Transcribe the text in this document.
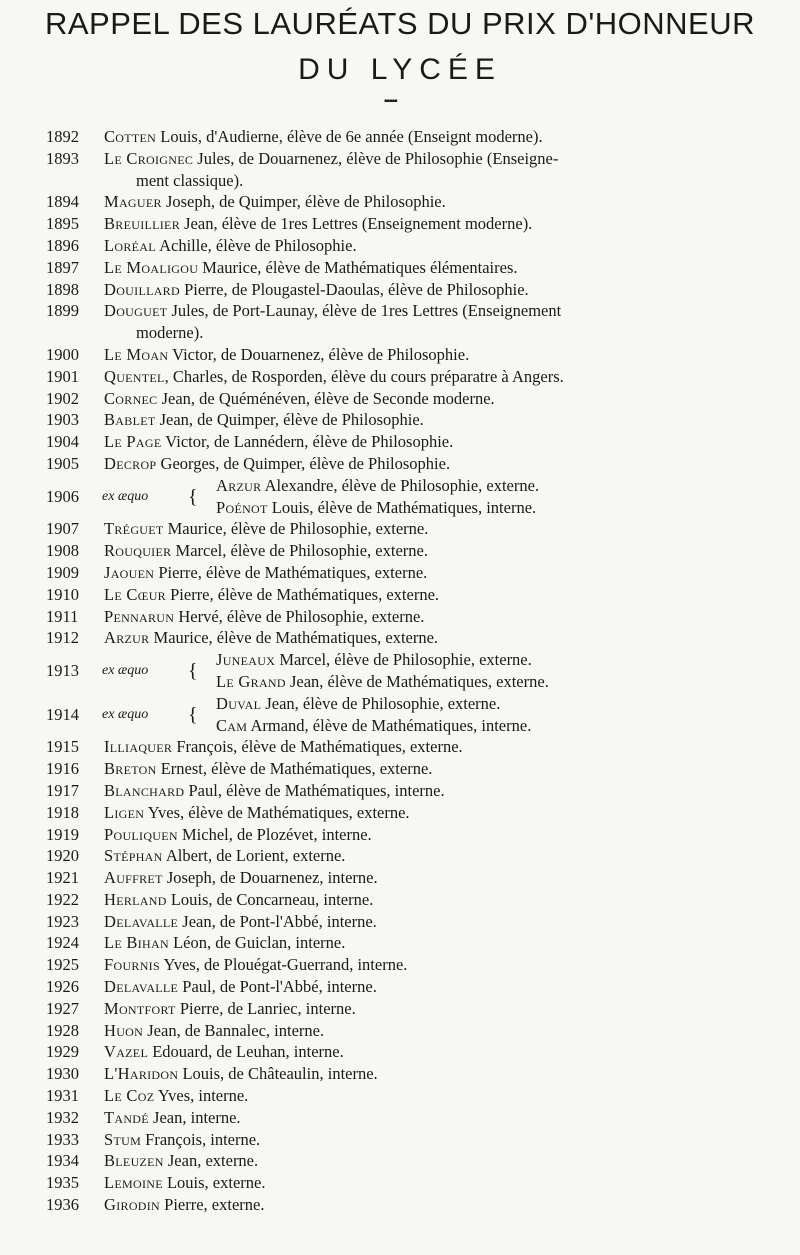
RAPPEL DES LAURÉATS DU PRIX D'HONNEUR
DU LYCÉE
▪▪▪▪▪
1892	Cotten Louis, d'Audierne, élève de 6e année (Enseignt moderne).
1893	Le Croignec Jules, de Douarnenez, élève de Philosophie (Enseigne-
ment classique).
1894	Maguer Joseph, de Quimper, élève de Philosophie.
1895	Breuillier Jean, élève de 1res Lettres (Enseignement moderne).
1896	Loréal Achille, élève de Philosophie.
1897	Le Moaligou Maurice, élève de Mathématiques élémentaires.
1898	Douillard Pierre, de Plougastel-Daoulas, élève de Philosophie.
1899	Douguet Jules, de Port-Launay, élève de 1res Lettres (Enseignement
moderne).
1900	Le Moan Victor, de Douarnenez, élève de Philosophie.
1901	Quentel, Charles, de Rosporden, élève du cours préparatre à Angers.
1902	Cornec Jean, de Quéménéven, élève de Seconde moderne.
1903	Bablet Jean, de Quimper, élève de Philosophie.
1904	Le Page Victor, de Lannédern, élève de Philosophie.
1905	Decrop Georges, de Quimper, élève de Philosophie.
1906	ex æquo {
Arzur Alexandre, élève de Philosophie, externe.
Poénot Louis, élève de Mathématiques, interne.
1907	Tréguet Maurice, élève de Philosophie, externe.
1908	Rouquier Marcel, élève de Philosophie, externe.
1909	Jaouen Pierre, élève de Mathématiques, externe.
1910	Le Cœur Pierre, élève de Mathématiques, externe.
1911	Pennarun Hervé, élève de Philosophie, externe.
1912	Arzur Maurice, élève de Mathématiques, externe.
1913	ex æquo {
Juneaux Marcel, élève de Philosophie, externe.
Le Grand Jean, élève de Mathématiques, externe.
1914	ex æquo {
Duval Jean, élève de Philosophie, externe.
Cam Armand, élève de Mathématiques, interne.
1915	Illiaquer François, élève de Mathématiques, externe.
1916	Breton Ernest, élève de Mathématiques, externe.
1917	Blanchard Paul, élève de Mathématiques, interne.
1918	Ligen Yves, élève de Mathématiques, externe.
1919	Pouliquen Michel, de Plozévet, interne.
1920	Stéphan Albert, de Lorient, externe.
1921	Auffret Joseph, de Douarnenez, interne.
1922	Herland Louis, de Concarneau, interne.
1923	Delavalle Jean, de Pont-l'Abbé, interne.
1924	Le Bihan Léon, de Guiclan, interne.
1925	Fournis Yves, de Plouégat-Guerrand, interne.
1926	Delavalle Paul, de Pont-l'Abbé, interne.
1927	Montfort Pierre, de Lanriec, interne.
1928	Huon Jean, de Bannalec, interne.
1929	Vazel Edouard, de Leuhan, interne.
1930	L'Haridon Louis, de Châteaulin, interne.
1931	Le Coz Yves, interne.
1932	Tandé Jean, interne.
1933	Stum François, interne.
1934	Bleuzen Jean, externe.
1935	Lemoine Louis, externe.
1936	Girodin Pierre, externe.
